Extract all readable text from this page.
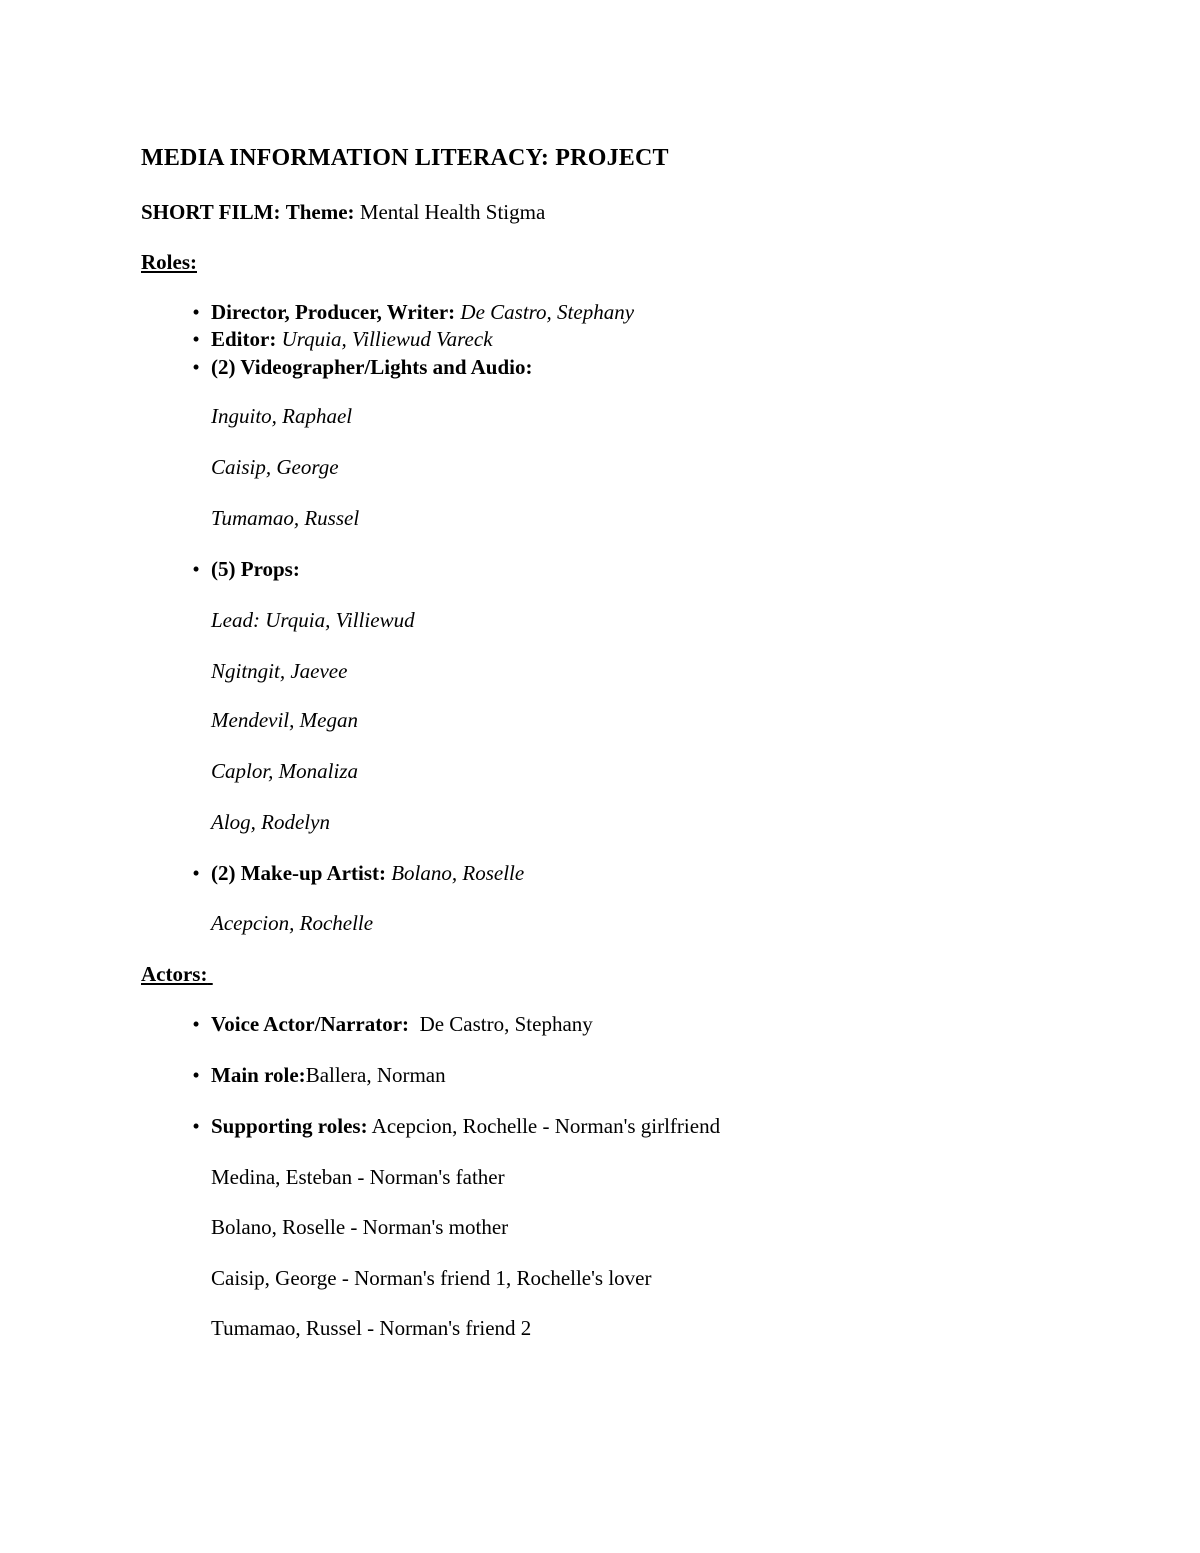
MEDIA INFORMATION LITERACY: PROJECT

SHORT FILM: Theme: Mental Health Stigma

Roles:

• Director, Producer, Writer: De Castro, Stephany

• Editor: Urquia, Villiewud Vareck

• (2) Videographer/Lights and Audio:

Inguito, Raphael

Caisip, George

Tumamao, Russel

• (5) Props:

Lead: Urquia, Villiewud

Ngitngit, Jaevee

Mendevil, Megan

Caplor, Monaliza

Alog, Rodelyn

• (2) Make-up Artist: Bolano, Roselle

Acepcion, Rochelle

Actors:

• Voice Actor/Narrator: De Castro, Stephany

• Main role:Ballera, Norman

• Supporting roles: Acepcion, Rochelle - Norman's girlfriend

Medina, Esteban - Norman's father

Bolano, Roselle - Norman's mother

Caisip, George - Norman's friend 1, Rochelle's lover

Tumamao, Russel - Norman's friend 2
